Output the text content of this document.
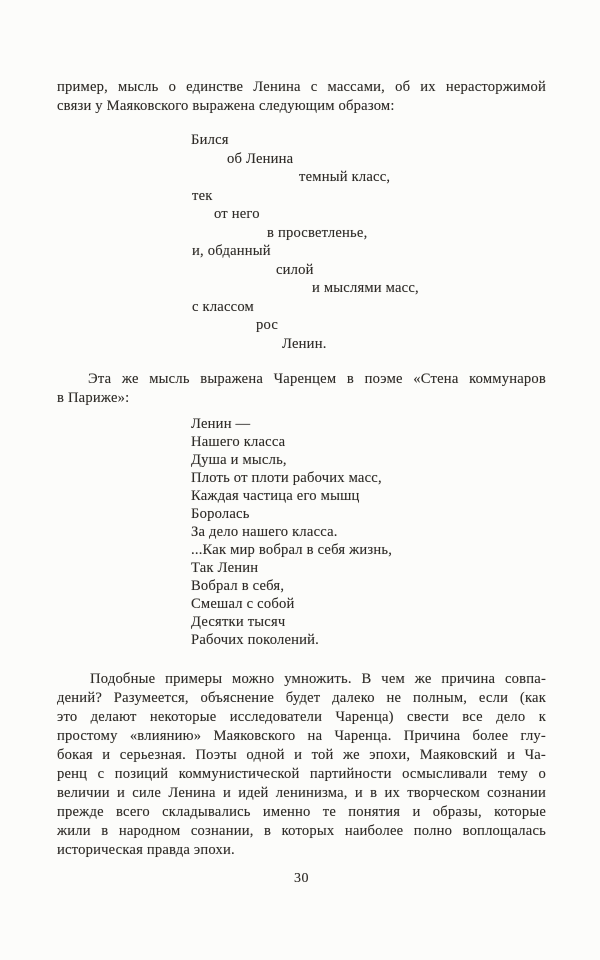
пример, мысль о единстве Ленина с массами, об их нерасторжимой
связи у Маяковского выражена следующим образом:
Бился
об Ленина
темный класс,
тек
от него
в просветленье,
и, обданный
силой
и мыслями масс,
с классом
рос
Ленин.
Эта же мысль выражена Чаренцем в поэме «Стена коммунаров
в Париже»:
Ленин —
Нашего класса
Душа и мысль,
Плоть от плоти рабочих масс,
Каждая частица его мышц
Боролась
За дело нашего класса.
...Как мир вобрал в себя жизнь,
Так Ленин
Вобрал в себя,
Смешал с собой
Десятки тысяч
Рабочих поколений.
Подобные примеры можно умножить. В чем же причина совпа-
дений? Разумеется, объяснение будет далеко не полным, если (как
это делают некоторые исследователи Чаренца) свести все дело к
простому «влиянию» Маяковского на Чаренца. Причина более глу-
бокая и серьезная. Поэты одной и той же эпохи, Маяковский и Ча-
ренц с позиций коммунистической партийности осмысливали тему о
величии и силе Ленина и идей ленинизма, и в их творческом сознании
прежде всего складывались именно те понятия и образы, которые
жили в народном сознании, в которых наиболее полно воплощалась
историческая правда эпохи.
30
